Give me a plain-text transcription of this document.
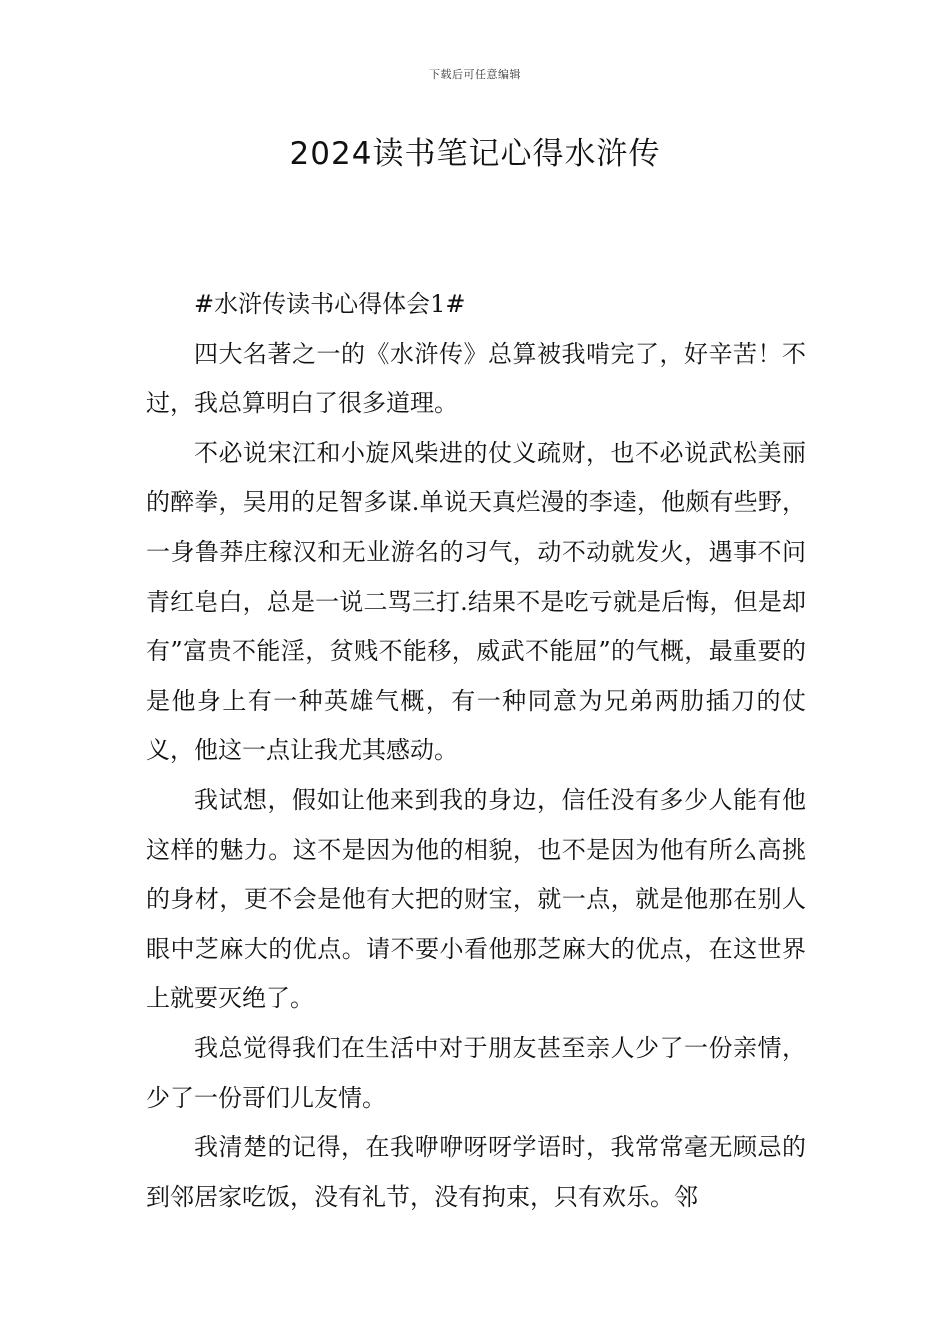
下载后可任意编辑
2024读书笔记心得水浒传

#水浒传读书心得体会1#

四大名著之一的《水浒传》总算被我啃完了，好辛苦！不过，我总算明白了很多道理。

不必说宋江和小旋风柴进的仗义疏财，也不必说武松美丽的醉拳，吴用的足智多谋.单说天真烂漫的李逵，他颇有些野，一身鲁莽庄稼汉和无业游名的习气，动不动就发火，遇事不问青红皂白，总是一说二骂三打.结果不是吃亏就是后悔，但是却有”富贵不能淫，贫贱不能移，威武不能屈”的气概，最重要的是他身上有一种英雄气概，有一种同意为兄弟两肋插刀的仗义，他这一点让我尤其感动。

我试想，假如让他来到我的身边，信任没有多少人能有他这样的魅力。这不是因为他的相貌，也不是因为他有所么高挑的身材，更不会是他有大把的财宝，就一点，就是他那在别人眼中芝麻大的优点。请不要小看他那芝麻大的优点，在这世界上就要灭绝了。

我总觉得我们在生活中对于朋友甚至亲人少了一份亲情，少了一份哥们儿友情。

我清楚的记得，在我咿咿呀呀学语时，我常常毫无顾忌的到邻居家吃饭，没有礼节，没有拘束，只有欢乐。邻
